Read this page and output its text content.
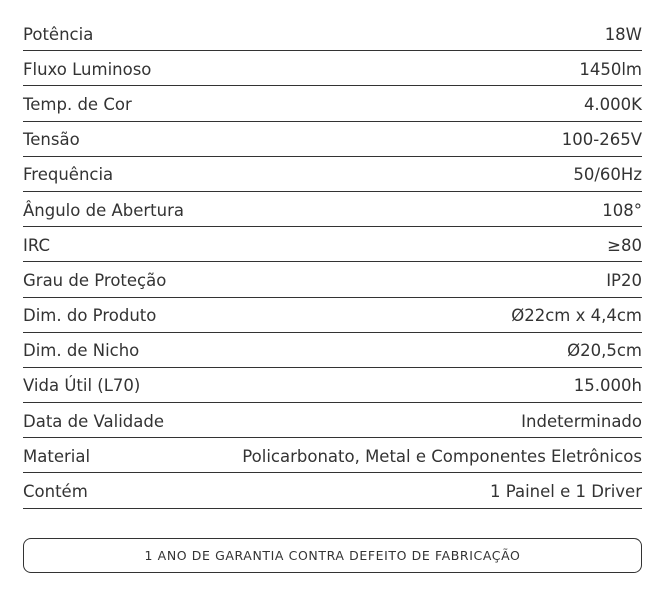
Potência	18W
Fluxo Luminoso	1450lm
Temp. de Cor	4.000K
Tensão	100-265V
Frequência	50/60Hz
Ângulo de Abertura	108°
IRC	≥80
Grau de Proteção	IP20
Dim. do Produto	Ø22cm x 4,4cm
Dim. de Nicho	Ø20,5cm
Vida Útil (L70)	15.000h
Data de Validade	Indeterminado
Material	Policarbonato, Metal e Componentes Eletrônicos
Contém	1 Painel e 1 Driver
1 ANO DE GARANTIA CONTRA DEFEITO DE FABRICAÇÃO
